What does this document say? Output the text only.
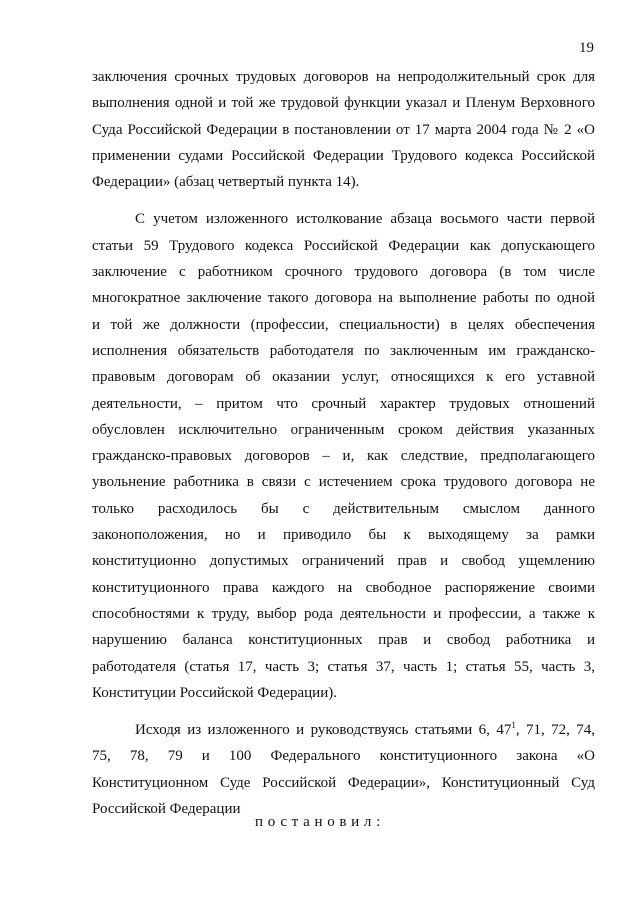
19
заключения срочных трудовых договоров на непродолжительный срок для
выполнения одной и той же трудовой функции указал и Пленум Верховного
Суда Российской Федерации в постановлении от 17 марта 2004 года № 2 «О
применении судами Российской Федерации Трудового кодекса Российской
Федерации» (абзац четвертый пункта 14).
С учетом изложенного истолкование абзаца восьмого части первой
статьи 59 Трудового кодекса Российской Федерации как допускающего
заключение с работником срочного трудового договора (в том числе
многократное заключение такого договора на выполнение работы по одной
и той же должности (профессии, специальности) в целях обеспечения
исполнения обязательств работодателя по заключенным им гражданско-
правовым договорам об оказании услуг, относящихся к его уставной
деятельности, – притом что срочный характер трудовых отношений
обусловлен исключительно ограниченным сроком действия указанных
гражданско-правовых договоров – и, как следствие, предполагающего
увольнение работника в связи с истечением срока трудового договора не
только расходилось бы с действительным смыслом данного
законоположения, но и приводило бы к выходящему за рамки
конституционно допустимых ограничений прав и свобод ущемлению
конституционного права каждого на свободное распоряжение своими
способностями к труду, выбор рода деятельности и профессии, а также к
нарушению баланса конституционных прав и свобод работника и
работодателя (статья 17, часть 3; статья 37, часть 1; статья 55, часть 3,
Конституции Российской Федерации).
Исходя из изложенного и руководствуясь статьями 6, $47^1$, 71, 72, 74,
75, 78, 79 и 100 Федерального конституционного закона «О
Конституционном Суде Российской Федерации», Конституционный Суд
Российской Федерации
постановил:
